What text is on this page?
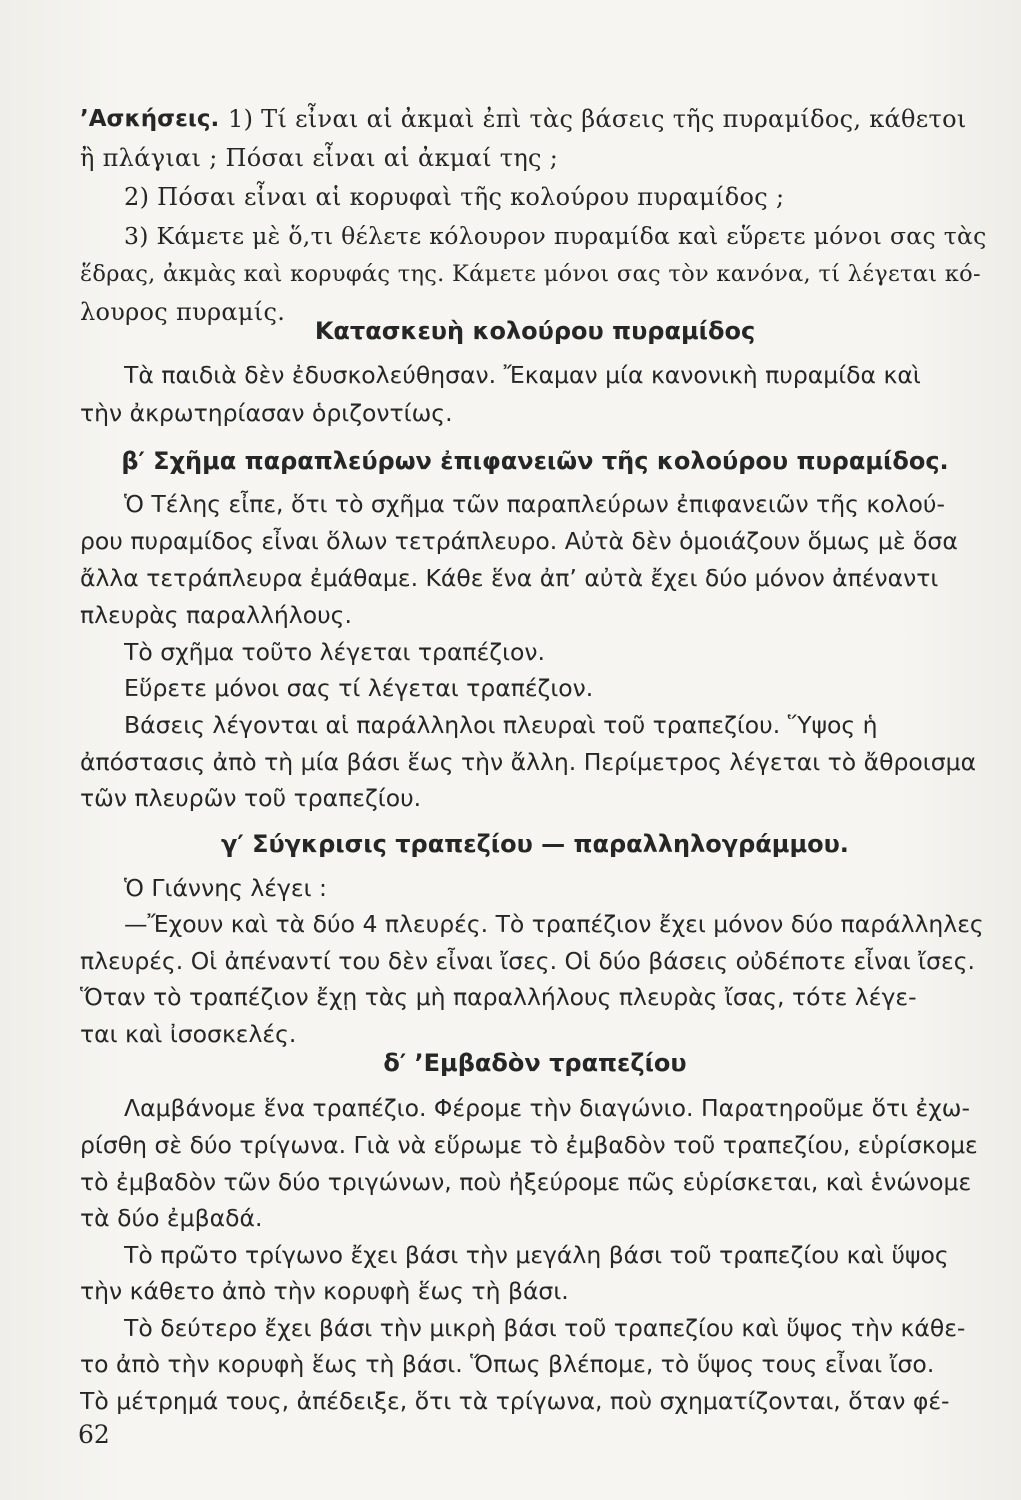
’Ασκήσεις. 1) Τί εἶναι αἱ ἀκμαὶ ἐπὶ τὰς βάσεις τῆς πυραμίδος, κάθετοι
ἢ πλάγιαι ; Πόσαι εἶναι αἱ ἀκμαί της ;
2) Πόσαι εἶναι αἱ κορυφαὶ τῆς κολούρου πυραμίδος ;
3) Κάμετε μὲ ὅ,τι θέλετε κόλουρον πυραμίδα καὶ εὕρετε μόνοι σας τὰς
ἕδρας, ἀκμὰς καὶ κορυφάς της. Κάμετε μόνοι σας τὸν κανόνα, τί λέγεται κό-
λουρος πυραμίς.
Κατασκευὴ κολούρου πυραμίδος
Τὰ παιδιὰ δὲν ἐδυσκολεύθησαν. Ἔκαμαν μία κανονικὴ πυραμίδα καὶ
τὴν ἀκρωτηρίασαν ὁριζοντίως.
β′ Σχῆμα παραπλεύρων ἐπιφανειῶν τῆς κολούρου πυραμίδος.
Ὁ Τέλης εἶπε, ὅτι τὸ σχῆμα τῶν παραπλεύρων ἐπιφανειῶν τῆς κολού-
ρου πυραμίδος εἶναι ὅλων τετράπλευρο. Αὐτὰ δὲν ὁμοιάζουν ὅμως μὲ ὅσα
ἄλλα τετράπλευρα ἐμάθαμε. Κάθε ἕνα ἀπ’ αὐτὰ ἔχει δύο μόνον ἀπέναντι
πλευρὰς παραλλήλους.
Τὸ σχῆμα τοῦτο λέγεται τραπέζιον.
Εὕρετε μόνοι σας τί λέγεται τραπέζιον.
Βάσεις λέγονται αἱ παράλληλοι πλευραὶ τοῦ τραπεζίου. Ὕψος ἡ
ἀπόστασις ἀπὸ τὴ μία βάσι ἕως τὴν ἄλλη. Περίμετρος λέγεται τὸ ἄθροισμα
τῶν πλευρῶν τοῦ τραπεζίου.
γ′ Σύγκρισις τραπεζίου — παραλληλογράμμου.
Ὁ Γιάννης λέγει :
—Ἔχουν καὶ τὰ δύο 4 πλευρές. Τὸ τραπέζιον ἔχει μόνον δύο παράλληλες
πλευρές. Οἱ ἀπέναντί του δὲν εἶναι ἴσες. Οἱ δύο βάσεις οὐδέποτε εἶναι ἴσες.
Ὅταν τὸ τραπέζιον ἔχῃ τὰς μὴ παραλλήλους πλευρὰς ἴσας, τότε λέγε-
ται καὶ ἰσοσκελές.
δ′ ’Εμβαδὸν τραπεζίου
Λαμβάνομε ἕνα τραπέζιο. Φέρομε τὴν διαγώνιο. Παρατηροῦμε ὅτι ἐχω-
ρίσθη σὲ δύο τρίγωνα. Γιὰ νὰ εὕρωμε τὸ ἐμβαδὸν τοῦ τραπεζίου, εὑρίσκομε
τὸ ἐμβαδὸν τῶν δύο τριγώνων, ποὺ ἠξεύρομε πῶς εὑρίσκεται, καὶ ἑνώνομε
τὰ δύο ἐμβαδά.
Τὸ πρῶτο τρίγωνο ἔχει βάσι τὴν μεγάλη βάσι τοῦ τραπεζίου καὶ ὕψος
τὴν κάθετο ἀπὸ τὴν κορυφὴ ἕως τὴ βάσι.
Τὸ δεύτερο ἔχει βάσι τὴν μικρὴ βάσι τοῦ τραπεζίου καὶ ὕψος τὴν κάθε-
το ἀπὸ τὴν κορυφὴ ἕως τὴ βάσι. Ὅπως βλέπομε, τὸ ὕψος τους εἶναι ἴσο.
Τὸ μέτρημά τους, ἀπέδειξε, ὅτι τὰ τρίγωνα, ποὺ σχηματίζονται, ὅταν φέ-
62
